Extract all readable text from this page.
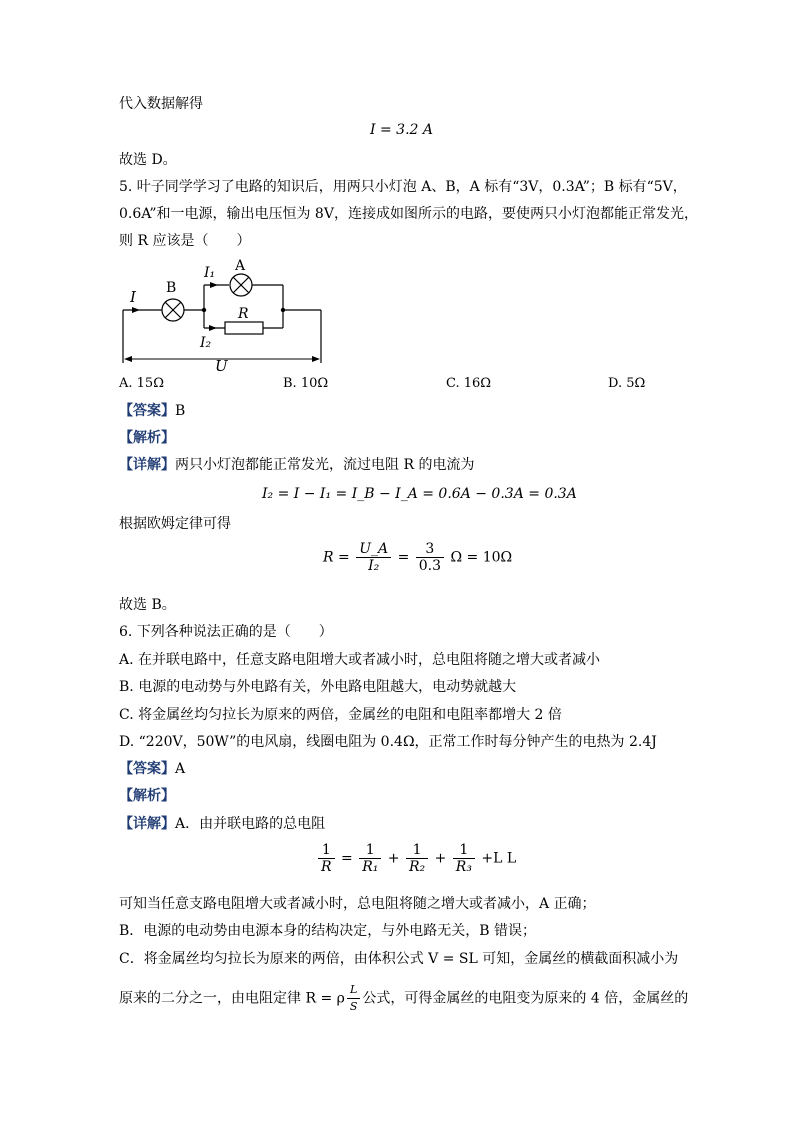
代入数据解得
I = 3.2 A
故选 D。
5. 叶子同学学习了电路的知识后，用两只小灯泡 A、B，A 标有“3V，0.3A”；B 标有“5V，
0.6A”和一电源，输出电压恒为 8V，连接成如图所示的电路，要使两只小灯泡都能正常发光，
则 R 应该是（　　）
I B
I₁ A
I₂
R
U
A. 15Ω	B. 10Ω	C. 16Ω	D. 5Ω
【答案】B
【解析】
【详解】两只小灯泡都能正常发光，流过电阻 R 的电流为
I₂ = I − I₁ = I_B − I_A = 0.6A − 0.3A = 0.3A
根据欧姆定律可得
$R = \frac{U\_A}{\text{I₂}} = \frac{3}{0.3}$ Ω = 10Ω
故选 B。
6. 下列各种说法正确的是（　　）
A. 在并联电路中，任意支路电阻增大或者减小时，总电阻将随之增大或者减小
B. 电源的电动势与外电路有关，外电路电阻越大，电动势就越大
C. 将金属丝均匀拉长为原来的两倍，金属丝的电阻和电阻率都增大 2 倍
D. “220V，50W”的电风扇，线圈电阻为 0.4Ω，正常工作时每分钟产生的电热为 2.4J
【答案】A
【解析】
【详解】A．由并联电路的总电阻
$\frac{1}{R} = \frac{1}{\text{R₁}} + \frac{1}{\text{R₂}} + \frac{1}{\text{R₃}} +L$ L
可知当任意支路电阻增大或者减小时，总电阻将随之增大或者减小，A 正确；
B．电源的电动势由电源本身的结构决定，与外电路无关，B 错误；
C．将金属丝均匀拉长为原来的两倍，由体积公式 V = SL 可知，金属丝的横截面积减小为
原来的二分之一，由电阻定律 R = ρ $\frac{L}{S}$ 公式，可得金属丝的电阻变为原来的 4 倍，金属丝的
